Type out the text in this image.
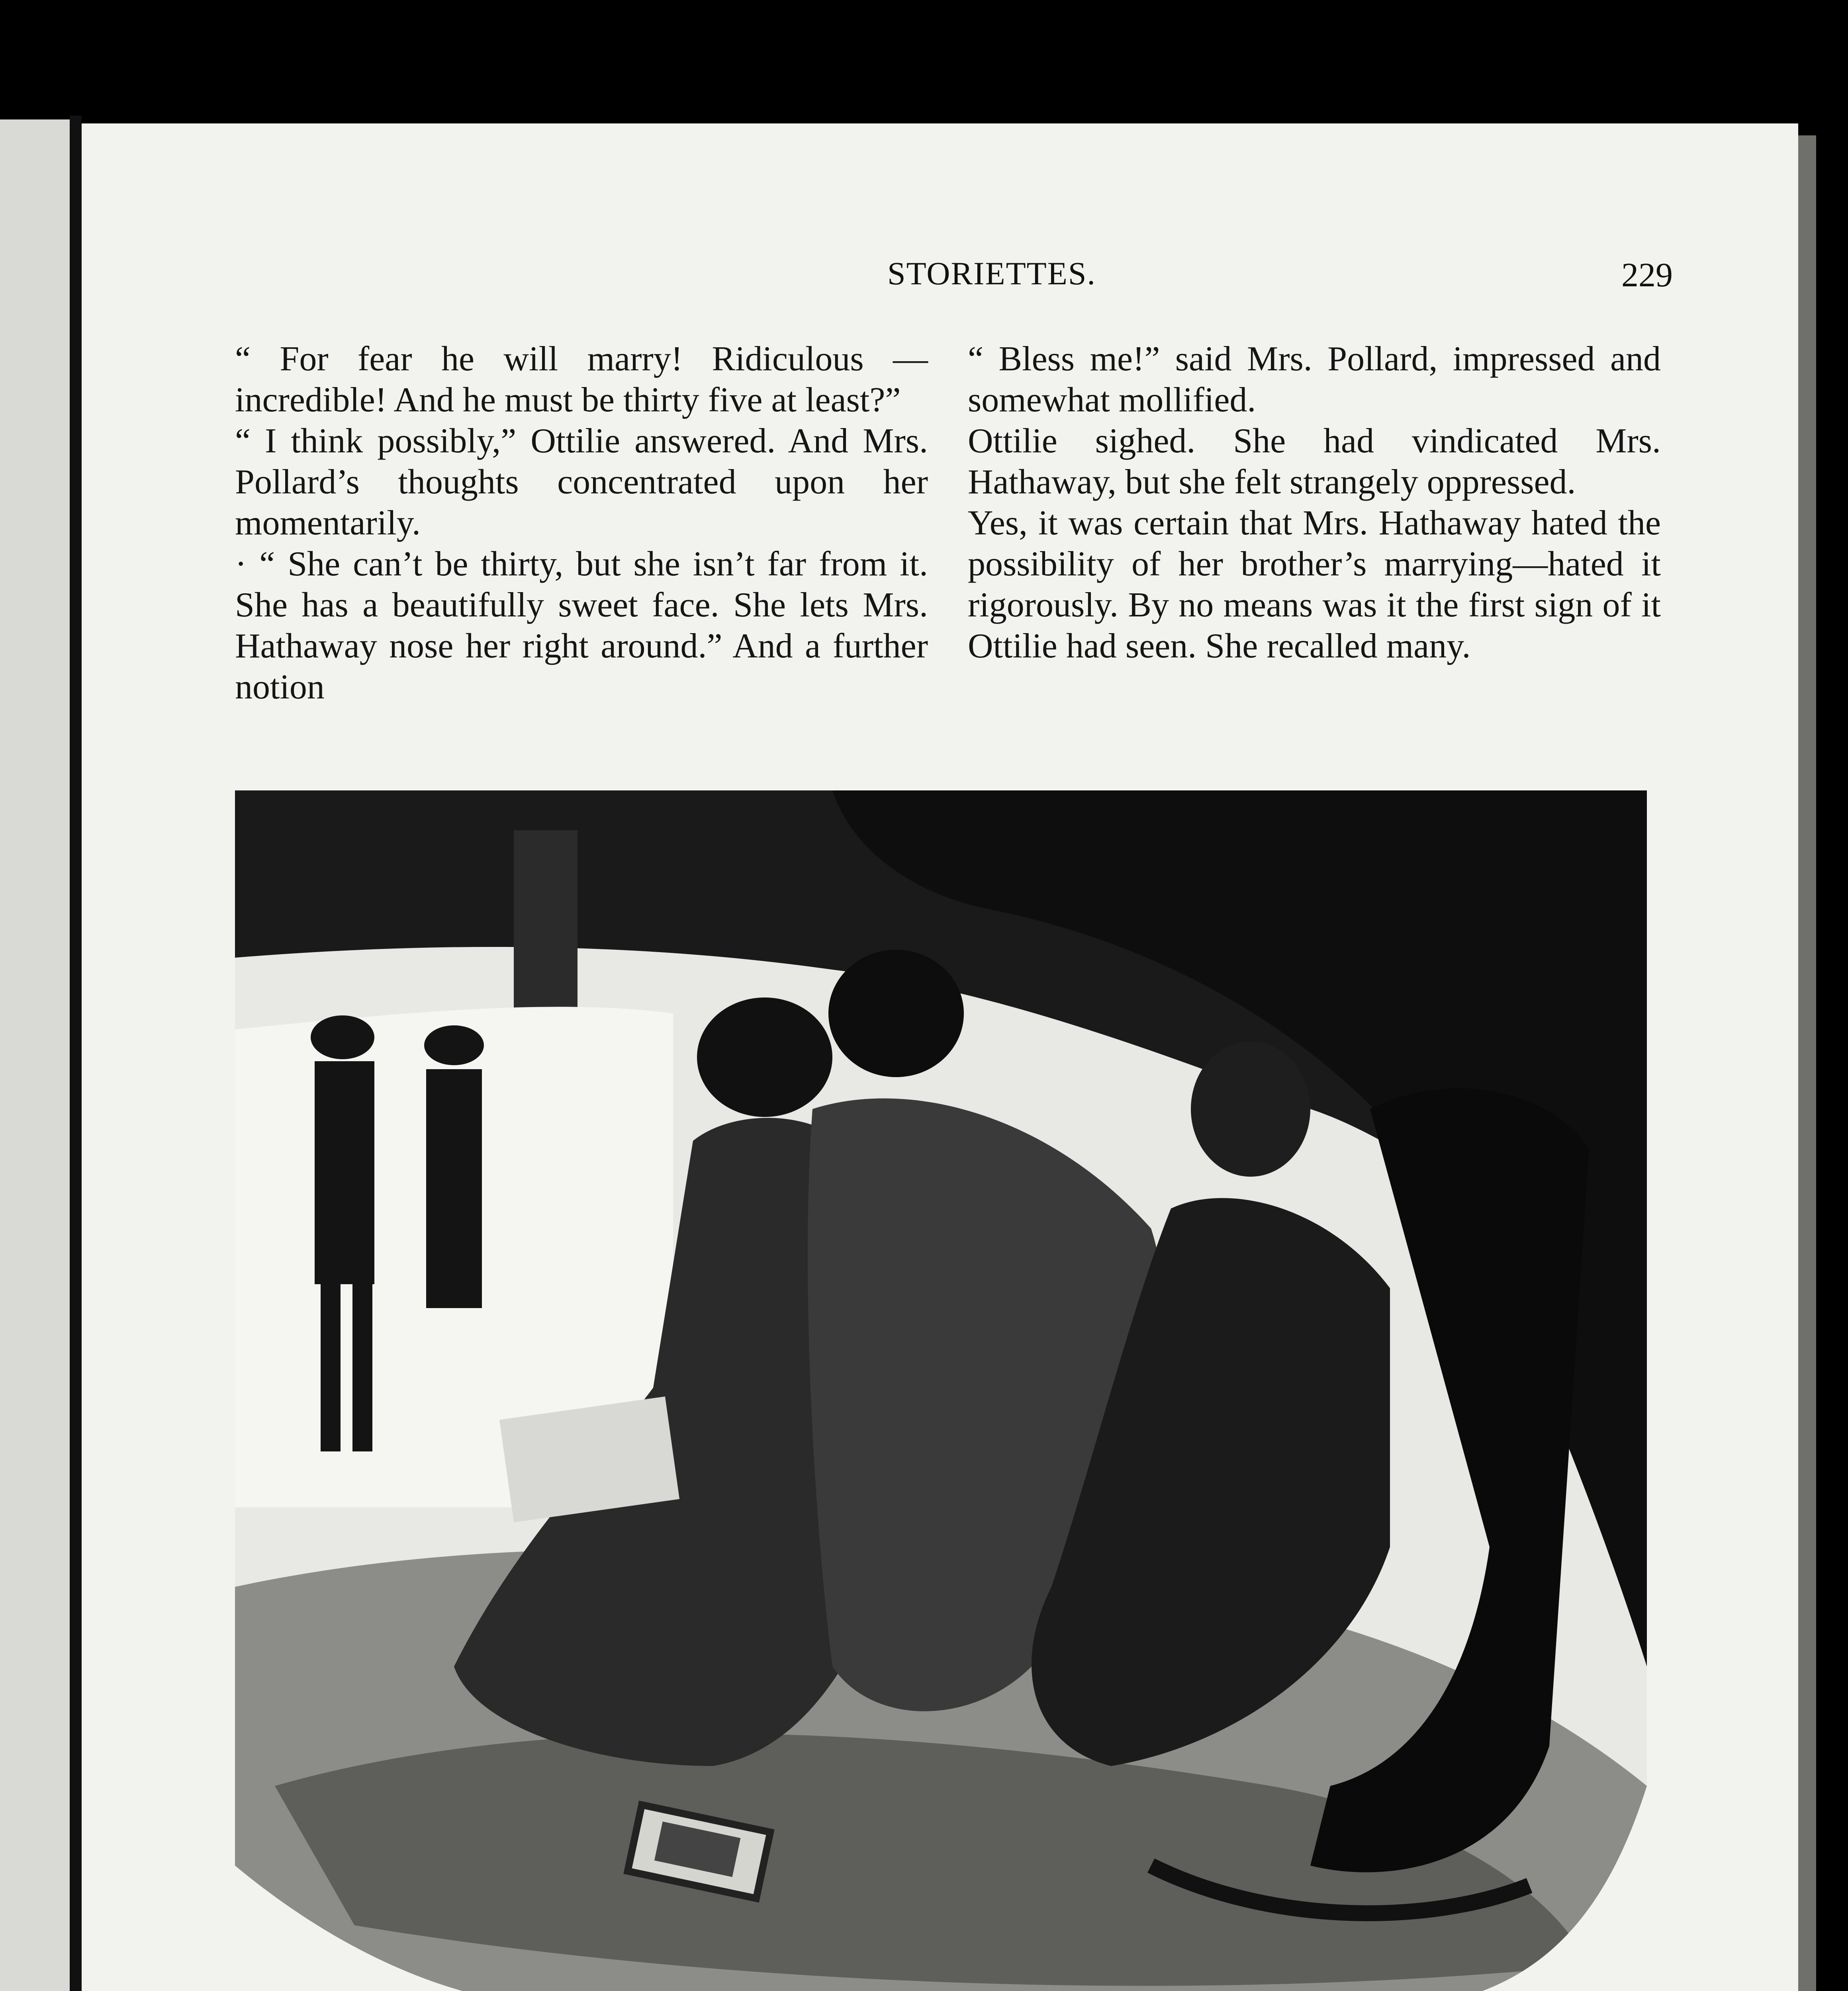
STORIETTES.	229

“ For fear he will marry! Ridiculous —incredible! And he must be thirty five at least?”

“ I think possibly,” Ottilie answered. And Mrs. Pollard’s thoughts concentrated upon her momentarily.

· “ She can’t be thirty, but she isn’t far from it. She has a beautifully sweet face. She lets Mrs. Hathaway nose her right around.” And a further notion

“ Bless me!” said Mrs. Pollard, impressed and somewhat mollified.

Ottilie sighed. She had vindicated Mrs. Hathaway, but she felt strangely oppressed.

Yes, it was certain that Mrs. Hathaway hated the possibility of her brother’s marrying—hated it rigorously. By no means was it the first sign of it Ottilie had seen. She recalled many.
